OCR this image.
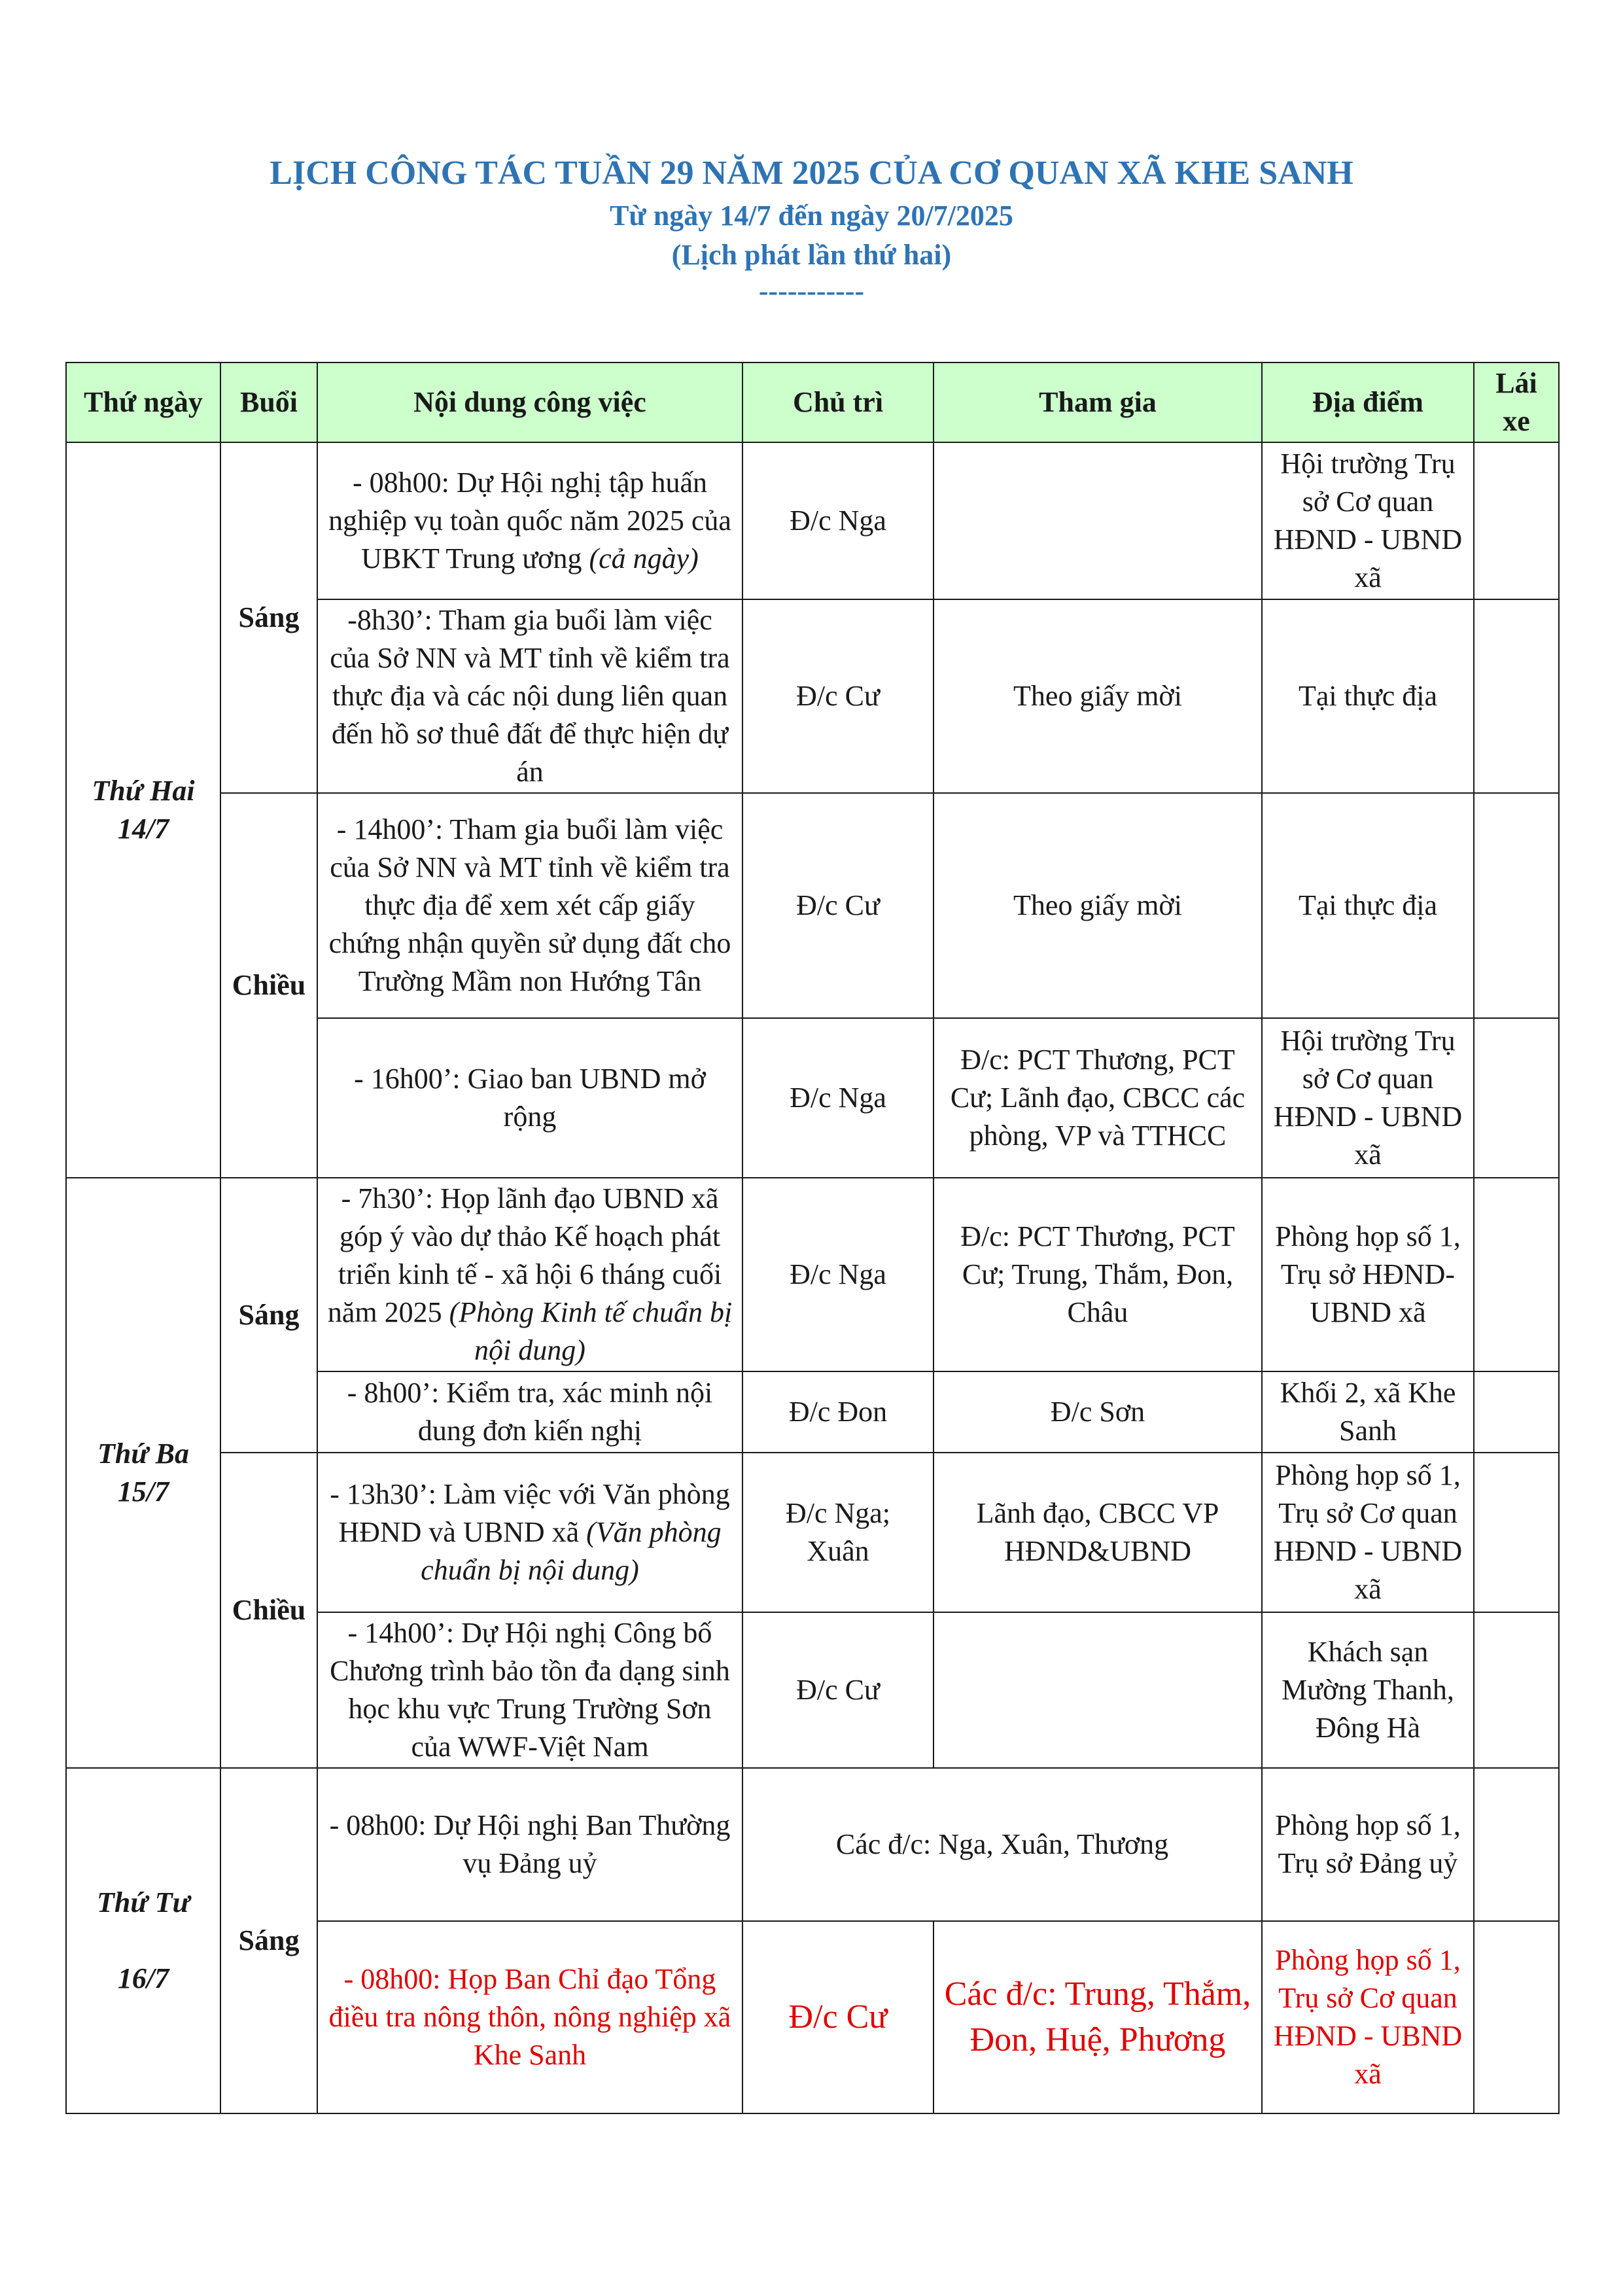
LỊCH CÔNG TÁC TUẦN 29 NĂM 2025 CỦA CƠ QUAN XÃ KHE SANH
Từ ngày 14/7 đến ngày 20/7/2025
(Lịch phát lần thứ hai)
-----------
Thứ ngày	Buổi	Nội dung công việc	Chủ trì	Tham gia	Địa điểm	Lái xe
Thứ Hai
14/7	Sáng	- 08h00: Dự Hội nghị tập huấn nghiệp vụ toàn quốc năm 2025 của UBKT Trung ương (cả ngày)	Đ/c Nga		Hội trường Trụ sở Cơ quan HĐND - UBND xã	
		-8h30’: Tham gia buổi làm việc của Sở NN và MT tỉnh về kiểm tra thực địa và các nội dung liên quan đến hồ sơ thuê đất để thực hiện dự án	Đ/c Cư	Theo giấy mời	Tại thực địa	
	Chiều	- 14h00’: Tham gia buổi làm việc của Sở NN và MT tỉnh về kiểm tra thực địa để xem xét cấp giấy chứng nhận quyền sử dụng đất cho Trường Mầm non Hướng Tân	Đ/c Cư	Theo giấy mời	Tại thực địa	
		- 16h00’: Giao ban UBND mở rộng	Đ/c Nga	Đ/c: PCT Thương, PCT Cư; Lãnh đạo, CBCC các phòng, VP và TTHCC	Hội trường Trụ sở Cơ quan HĐND - UBND xã	
Thứ Ba
15/7	Sáng	- 7h30’: Họp lãnh đạo UBND xã góp ý vào dự thảo Kế hoạch phát triển kinh tế - xã hội 6 tháng cuối năm 2025 (Phòng Kinh tế chuẩn bị nội dung)	Đ/c Nga	Đ/c: PCT Thương, PCT Cư; Trung, Thắm, Đon, Châu	Phòng họp số 1, Trụ sở HĐND- UBND xã	
		- 8h00’: Kiểm tra, xác minh nội dung đơn kiến nghị	Đ/c Đon	Đ/c Sơn	Khối 2, xã Khe Sanh	
	Chiều	- 13h30’: Làm việc với Văn phòng HĐND và UBND xã (Văn phòng chuẩn bị nội dung)	Đ/c Nga; Xuân	Lãnh đạo, CBCC VP HĐND&UBND	Phòng họp số 1, Trụ sở Cơ quan HĐND - UBND xã	
		- 14h00’: Dự Hội nghị Công bố Chương trình bảo tồn đa dạng sinh học khu vực Trung Trường Sơn của WWF-Việt Nam	Đ/c Cư		Khách sạn Mường Thanh, Đông Hà	
Thứ Tư

16/7	Sáng	- 08h00: Dự Hội nghị Ban Thường vụ Đảng uỷ	Các đ/c: Nga, Xuân, Thương		Phòng họp số 1, Trụ sở Đảng uỷ	
		- 08h00: Họp Ban Chỉ đạo Tổng điều tra nông thôn, nông nghiệp xã Khe Sanh	Đ/c Cư	Các đ/c: Trung, Thắm, Đon, Huệ, Phương	Phòng họp số 1, Trụ sở Cơ quan HĐND - UBND xã	
